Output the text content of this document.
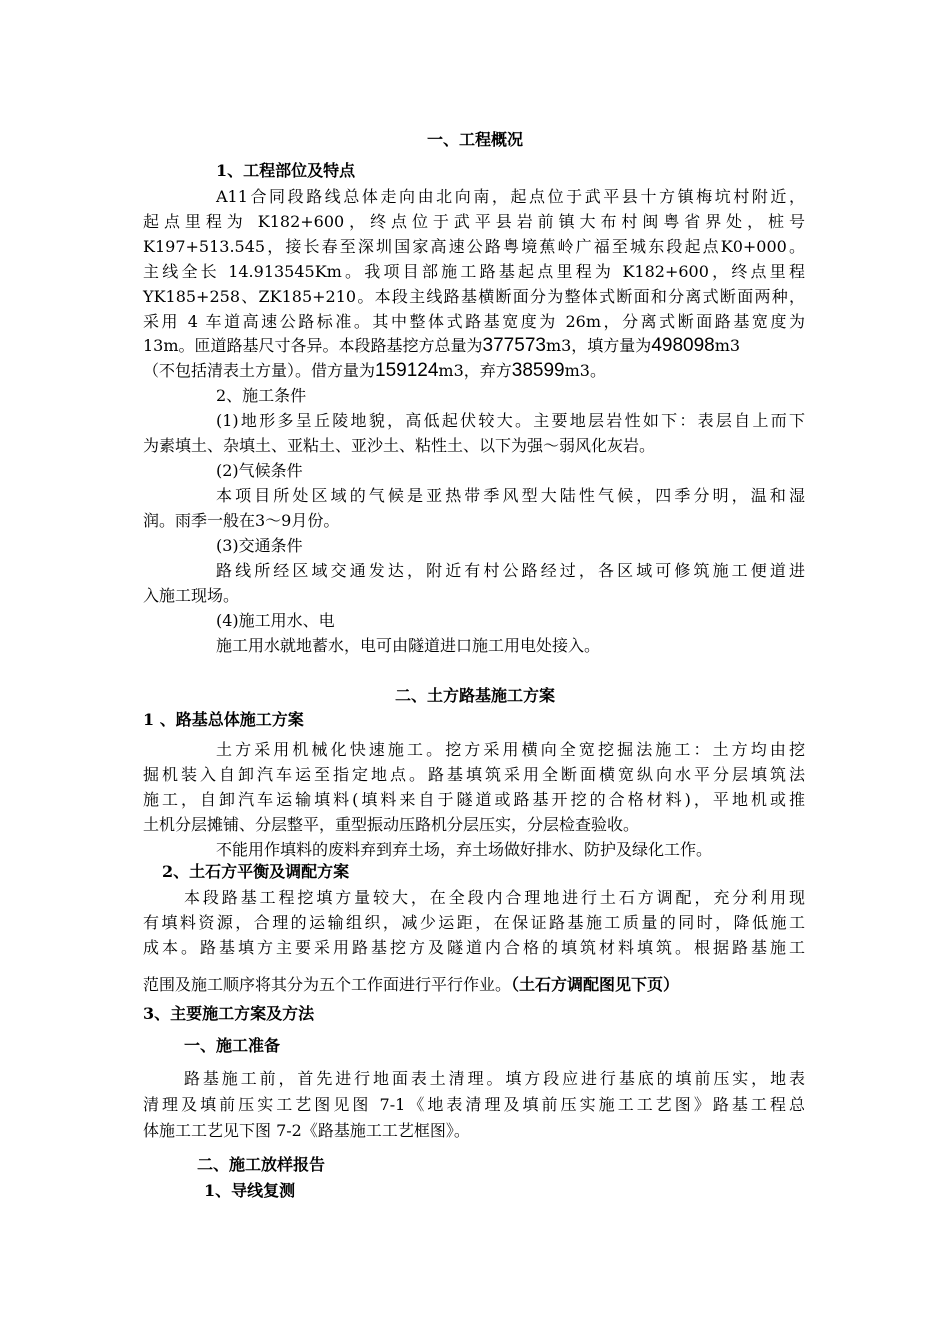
一、工程概况
1、工程部位及特点
A11合同段路线总体走向由北向南，起点位于武平县十方镇梅坑村附近，
起点里程为 K182+600，终点位于武平县岩前镇大布村闽粤省界处，桩号
K197+513.545，接长春至深圳国家高速公路粤境蕉岭广福至城东段起点K0+000。
主线全长 14.913545Km。我项目部施工路基起点里程为 K182+600，终点里程
YK185+258、ZK185+210。本段主线路基横断面分为整体式断面和分离式断面两种，
采用 4 车道高速公路标准。其中整体式路基宽度为 26m，分离式断面路基宽度为
13m。匝道路基尺寸各异。本段路基挖方总量为377573m3，填方量为498098m3
（不包括清表土方量）。借方量为159124m3，弃方38599m3。
2、施工条件
(1)地形多呈丘陵地貌，高低起伏较大。主要地层岩性如下：表层自上而下
为素填土、杂填土、亚粘土、亚沙土、粘性土、以下为强～弱风化灰岩。
(2)气候条件
本项目所处区域的气候是亚热带季风型大陆性气候，四季分明，温和湿
润。雨季一般在3～9月份。
(3)交通条件
路线所经区域交通发达，附近有村公路经过，各区域可修筑施工便道进
入施工现场。
(4)施工用水、电
施工用水就地蓄水，电可由隧道进口施工用电处接入。
二、土方路基施工方案
1 、路基总体施工方案
土方采用机械化快速施工。挖方采用横向全宽挖掘法施工：土方均由挖
掘机装入自卸汽车运至指定地点。路基填筑采用全断面横宽纵向水平分层填筑法
施工，自卸汽车运输填料(填料来自于隧道或路基开挖的合格材料)，平地机或推
土机分层摊铺、分层整平，重型振动压路机分层压实，分层检查验收。
不能用作填料的废料弃到弃土场，弃土场做好排水、防护及绿化工作。
2、土石方平衡及调配方案
本段路基工程挖填方量较大，在全段内合理地进行土石方调配，充分利用现
有填料资源，合理的运输组织，减少运距，在保证路基施工质量的同时，降低施工
成本。路基填方主要采用路基挖方及隧道内合格的填筑材料填筑。根据路基施工
范围及施工顺序将其分为五个工作面进行平行作业。（土石方调配图见下页）
3、主要施工方案及方法
一、施工准备
路基施工前，首先进行地面表土清理。填方段应进行基底的填前压实，地表
清理及填前压实工艺图见图 7-1《地表清理及填前压实施工工艺图》路基工程总
体施工工艺见下图 7-2《路基施工工艺框图》。
二、施工放样报告
1、导线复测
